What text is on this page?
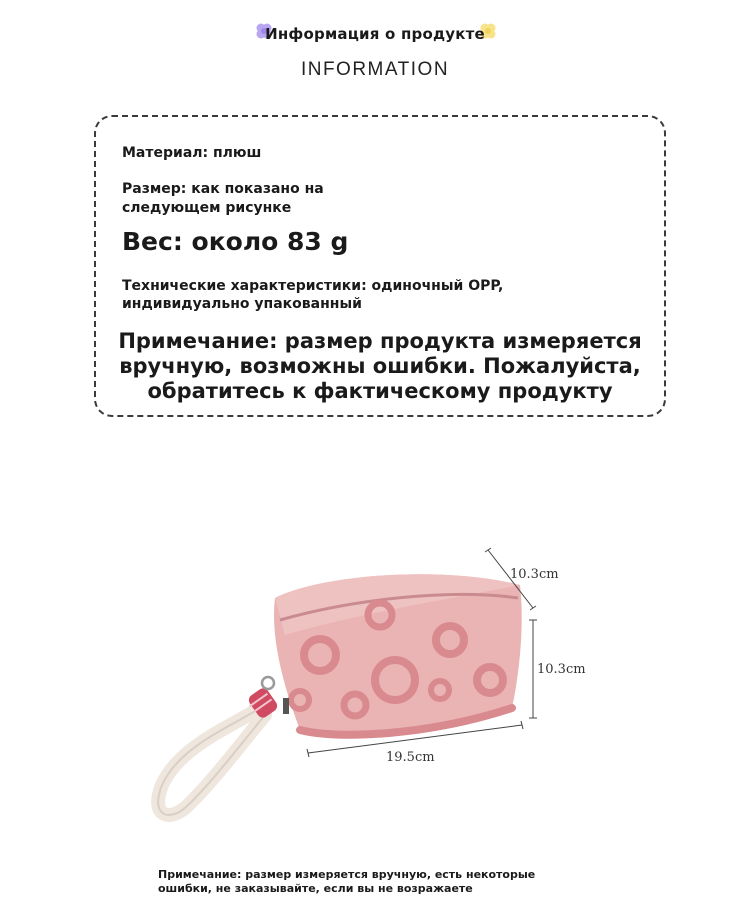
Информация о продукте
INFORMATION
Материал: плюш
Размер: как показано на
следующем рисунке
Вес: около 83 g
Технические характеристики: одиночный OPP,
индивидуально упакованный
Примечание: размер продукта измеряется
вручную, возможны ошибки. Пожалуйста,
обратитесь к фактическому продукту
10.3cm
10.3cm
19.5cm
Примечание: размер измеряется вручную, есть некоторые
ошибки, не заказывайте, если вы не возражаете
